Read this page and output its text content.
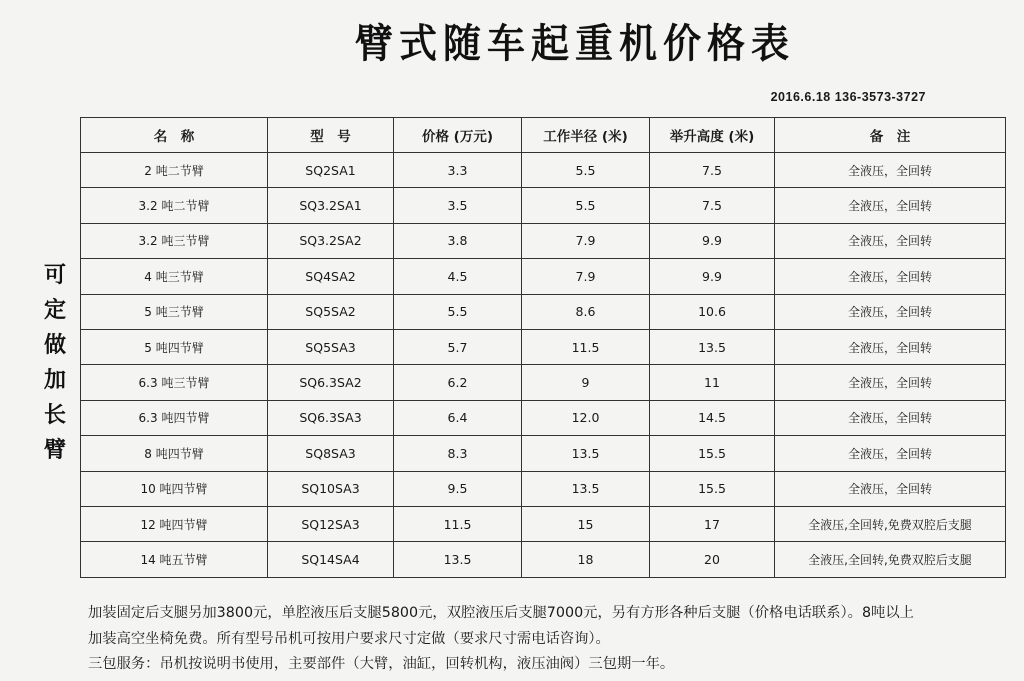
臂式随车起重机价格表
2016.6.18 136-3573-3727
可
定
做
加
长
臂
名　称	型　号	价格 (万元)	工作半径 (米)	举升高度 (米)	备　注
2 吨二节臂	SQ2SA1	3.3	5.5	7.5	全液压，全回转
3.2 吨二节臂	SQ3.2SA1	3.5	5.5	7.5	全液压，全回转
3.2 吨三节臂	SQ3.2SA2	3.8	7.9	9.9	全液压，全回转
4 吨三节臂	SQ4SA2	4.5	7.9	9.9	全液压，全回转
5 吨三节臂	SQ5SA2	5.5	8.6	10.6	全液压，全回转
5 吨四节臂	SQ5SA3	5.7	11.5	13.5	全液压，全回转
6.3 吨三节臂	SQ6.3SA2	6.2	9	11	全液压，全回转
6.3 吨四节臂	SQ6.3SA3	6.4	12.0	14.5	全液压，全回转
8 吨四节臂	SQ8SA3	8.3	13.5	15.5	全液压，全回转
10 吨四节臂	SQ10SA3	9.5	13.5	15.5	全液压，全回转
12 吨四节臂	SQ12SA3	11.5	15	17	全液压,全回转,免费双腔后支腿
14 吨五节臂	SQ14SA4	13.5	18	20	全液压,全回转,免费双腔后支腿
加装固定后支腿另加3800元，单腔液压后支腿5800元，双腔液压后支腿7000元，另有方形各种后支腿（价格电话联系）。8吨以上
加装高空坐椅免费。所有型号吊机可按用户要求尺寸定做（要求尺寸需电话咨询）。
三包服务：吊机按说明书使用，主要部件（大臂，油缸，回转机构，液压油阀）三包期一年。
